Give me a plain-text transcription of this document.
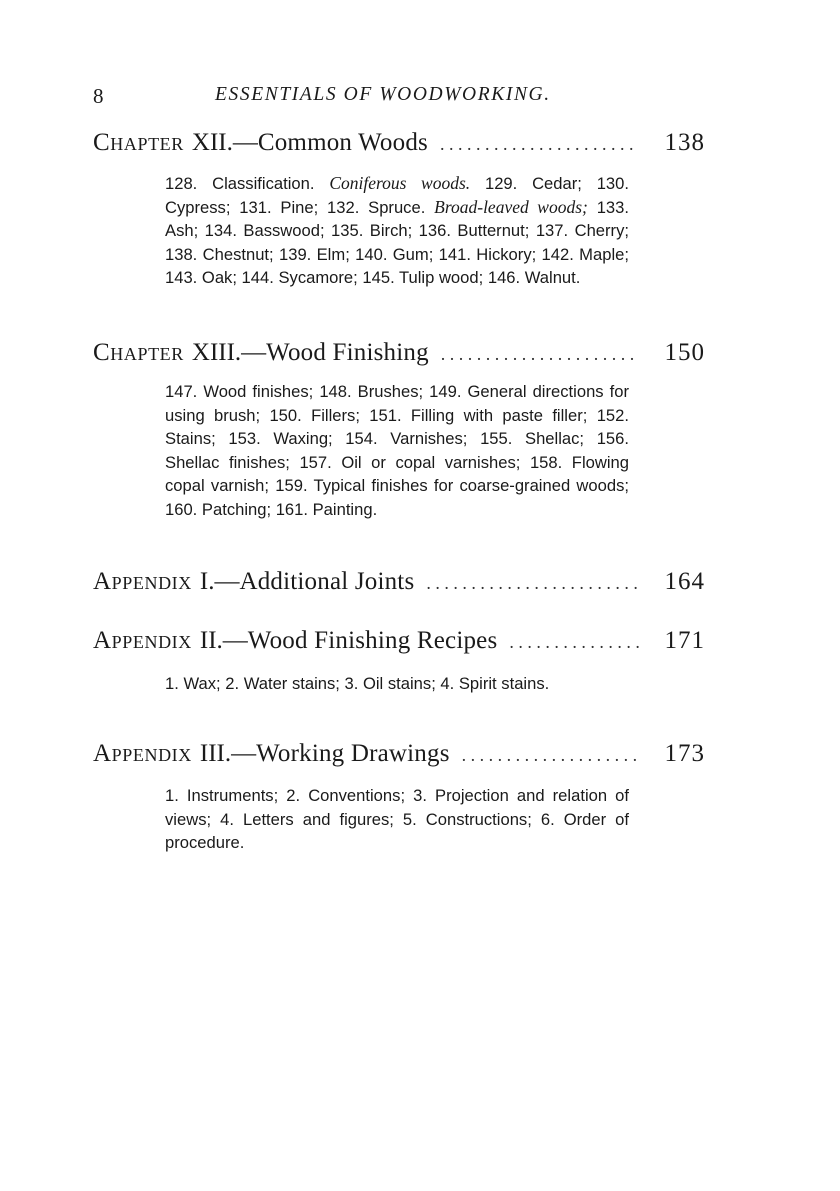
8	ESSENTIALS OF WOODWORKING.
Chapter XII. — Common Woods . . .	138
128. Classification. Coniferous woods. 129. Cedar; 130. Cypress; 131. Pine; 132. Spruce. Broad-leaved woods; 133. Ash; 134. Basswood; 135. Birch; 136. Butternut; 137. Cherry; 138. Chestnut; 139. Elm; 140. Gum; 141. Hickory; 142. Maple; 143. Oak; 144. Sycamore; 145. Tulip wood; 146. Walnut.
Chapter XIII. — Wood Finishing . . .	150
147. Wood finishes; 148. Brushes; 149. General directions for using brush; 150. Fillers; 151. Filling with paste filler; 152. Stains; 153. Waxing; 154. Varnishes; 155. Shellac; 156. Shellac finishes; 157. Oil or copal varnishes; 158. Flowing copal varnish; 159. Typical finishes for coarse-grained woods; 160. Patching; 161. Painting.
Appendix I. — Additional Joints . . .	164
Appendix II. — Wood Finishing Recipes . . .	171
1. Wax; 2. Water stains; 3. Oil stains; 4. Spirit stains.
Appendix III. — Working Drawings . . .	173
1. Instruments; 2. Conventions; 3. Projection and relation of views; 4. Letters and figures; 5. Constructions; 6. Order of procedure.
